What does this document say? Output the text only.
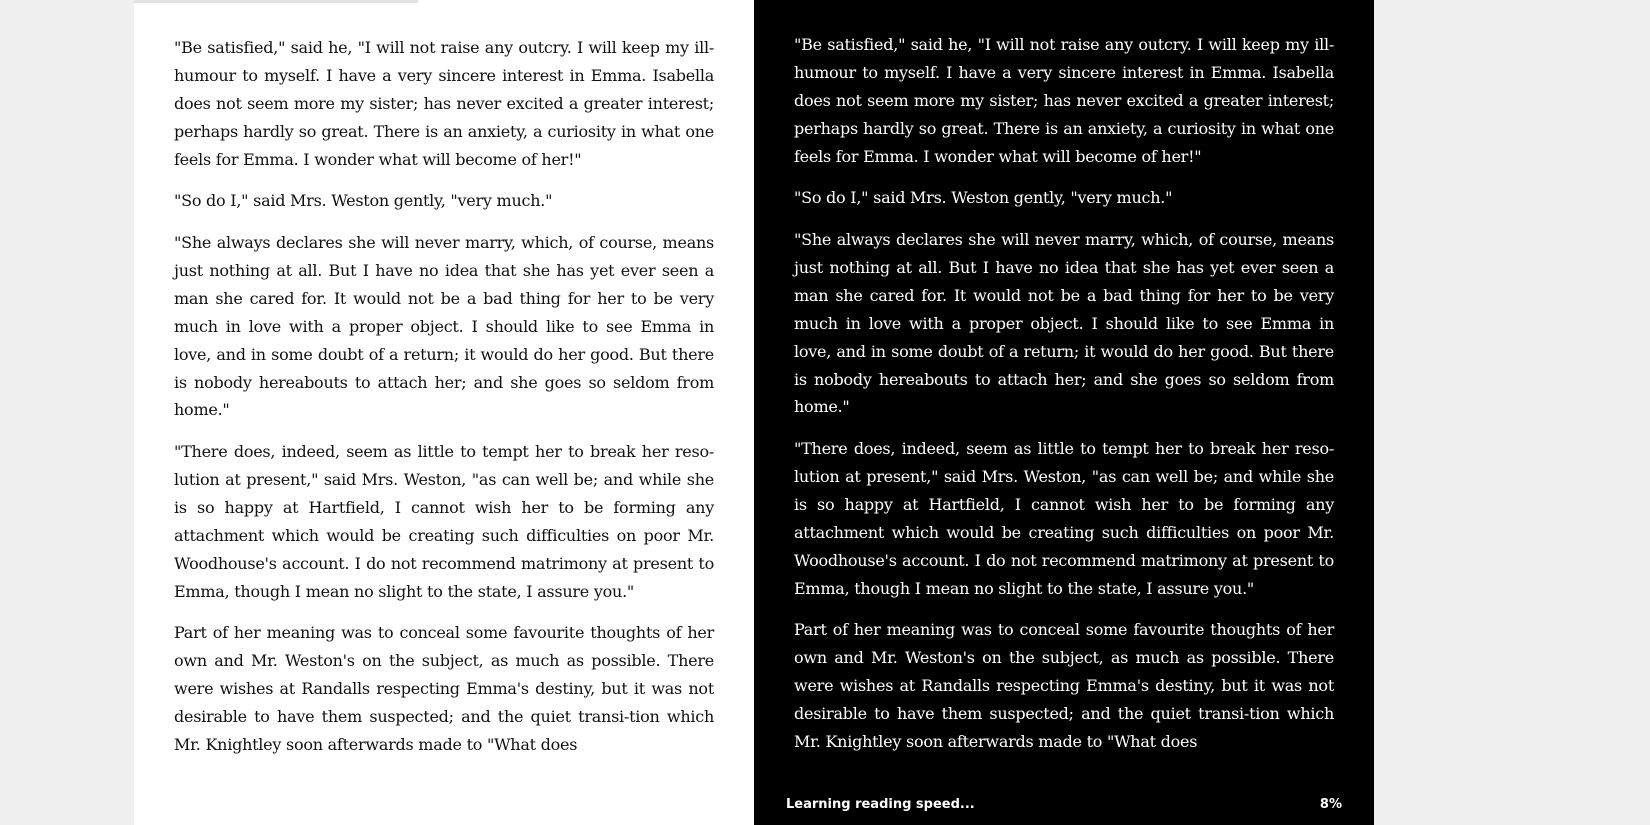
"Be satisfied," said he, "I will not raise any outcry. I will keep my ill-humour to myself. I have a very sincere interest in Emma. Isabella does not seem more my sister; has never excited a greater interest; perhaps hardly so great. There is an anxiety, a curiosity in what one feels for Emma. I wonder what will become of her!"

"So do I," said Mrs. Weston gently, "very much."

"She always declares she will never marry, which, of course, means just nothing at all. But I have no idea that she has yet ever seen a man she cared for. It would not be a bad thing for her to be very much in love with a proper object. I should like to see Emma in love, and in some doubt of a return; it would do her good. But there is nobody hereabouts to attach her; and she goes so seldom from home."

"There does, indeed, seem as little to tempt her to break her reso-lution at present," said Mrs. Weston, "as can well be; and while she is so happy at Hartfield, I cannot wish her to be forming any attachment which would be creating such difficulties on poor Mr. Woodhouse's account. I do not recommend matrimony at present to Emma, though I mean no slight to the state, I assure you."

Part of her meaning was to conceal some favourite thoughts of her own and Mr. Weston's on the subject, as much as possible. There were wishes at Randalls respecting Emma's destiny, but it was not desirable to have them suspected; and the quiet transi-tion which Mr. Knightley soon afterwards made to "What does

"Be satisfied," said he, "I will not raise any outcry. I will keep my ill-humour to myself. I have a very sincere interest in Emma. Isabella does not seem more my sister; has never excited a greater interest; perhaps hardly so great. There is an anxiety, a curiosity in what one feels for Emma. I wonder what will become of her!"

"So do I," said Mrs. Weston gently, "very much."

"She always declares she will never marry, which, of course, means just nothing at all. But I have no idea that she has yet ever seen a man she cared for. It would not be a bad thing for her to be very much in love with a proper object. I should like to see Emma in love, and in some doubt of a return; it would do her good. But there is nobody hereabouts to attach her; and she goes so seldom from home."

"There does, indeed, seem as little to tempt her to break her reso-lution at present," said Mrs. Weston, "as can well be; and while she is so happy at Hartfield, I cannot wish her to be forming any attachment which would be creating such difficulties on poor Mr. Woodhouse's account. I do not recommend matrimony at present to Emma, though I mean no slight to the state, I assure you."

Part of her meaning was to conceal some favourite thoughts of her own and Mr. Weston's on the subject, as much as possible. There were wishes at Randalls respecting Emma's destiny, but it was not desirable to have them suspected; and the quiet transi-tion which Mr. Knightley soon afterwards made to "What does

Learning reading speed...	8%
